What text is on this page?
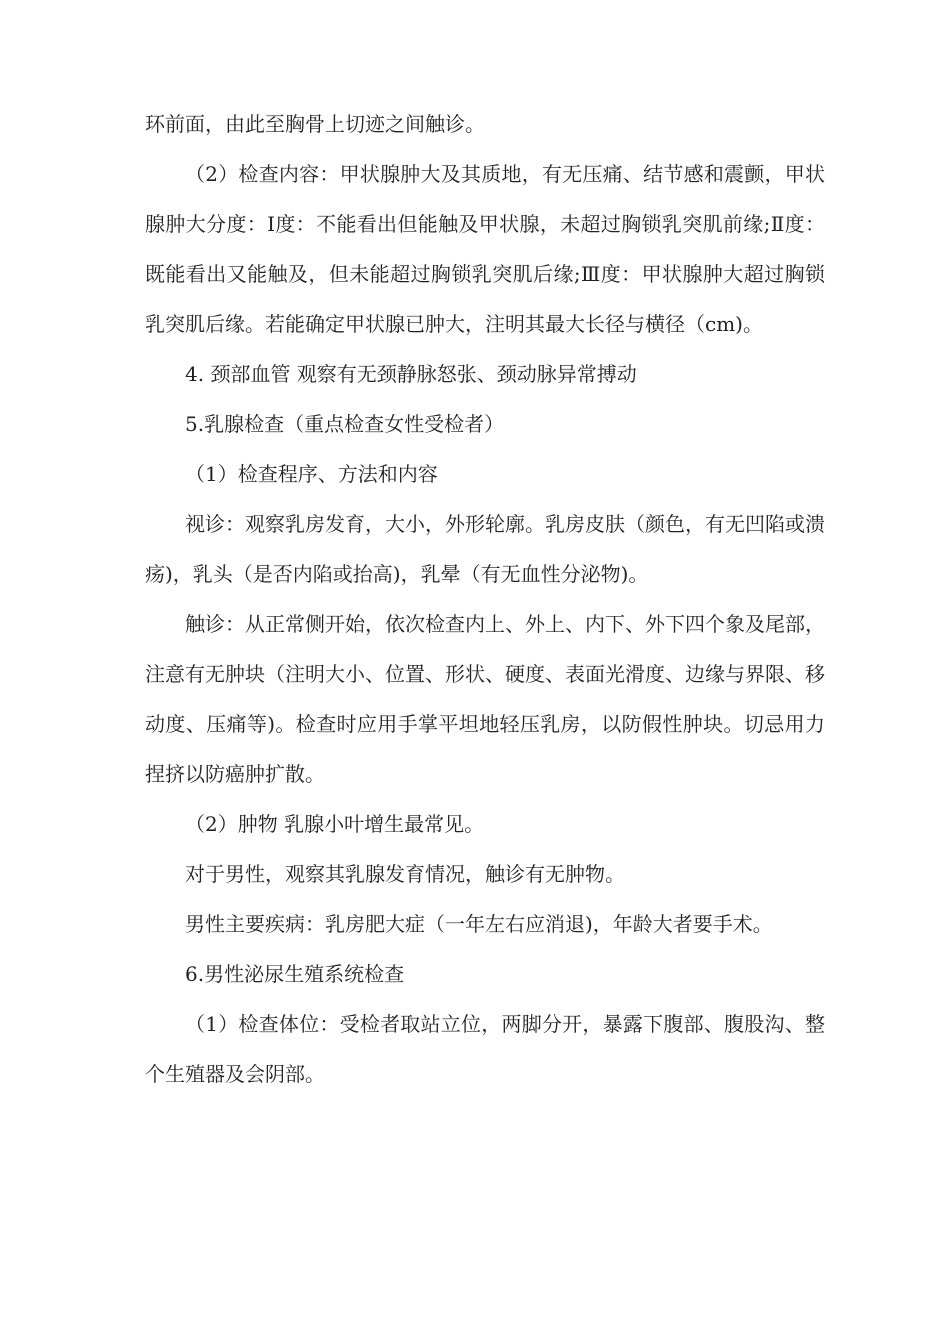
环前面，由此至胸骨上切迹之间触诊。

（2）检查内容：甲状腺肿大及其质地，有无压痛、结节感和震颤，甲状腺肿大分度：Ⅰ度：不能看出但能触及甲状腺，未超过胸锁乳突肌前缘;Ⅱ度：既能看出又能触及，但未能超过胸锁乳突肌后缘;Ⅲ度：甲状腺肿大超过胸锁乳突肌后缘。若能确定甲状腺已肿大，注明其最大长径与横径（cm)。

4. 颈部血管 观察有无颈静脉怒张、颈动脉异常搏动

5.乳腺检查（重点检查女性受检者）

（1）检查程序、方法和内容

视诊：观察乳房发育，大小，外形轮廓。乳房皮肤（颜色，有无凹陷或溃疡)，乳头（是否内陷或抬高)，乳晕（有无血性分泌物)。

触诊：从正常侧开始，依次检查内上、外上、内下、外下四个象及尾部，注意有无肿块（注明大小、位置、形状、硬度、表面光滑度、边缘与界限、移动度、压痛等)。检查时应用手掌平坦地轻压乳房，以防假性肿块。切忌用力捏挤以防癌肿扩散。

（2）肿物 乳腺小叶增生最常见。

对于男性，观察其乳腺发育情况，触诊有无肿物。

男性主要疾病：乳房肥大症（一年左右应消退)，年龄大者要手术。

6.男性泌尿生殖系统检查

（1）检查体位：受检者取站立位，两脚分开，暴露下腹部、腹股沟、整个生殖器及会阴部。
